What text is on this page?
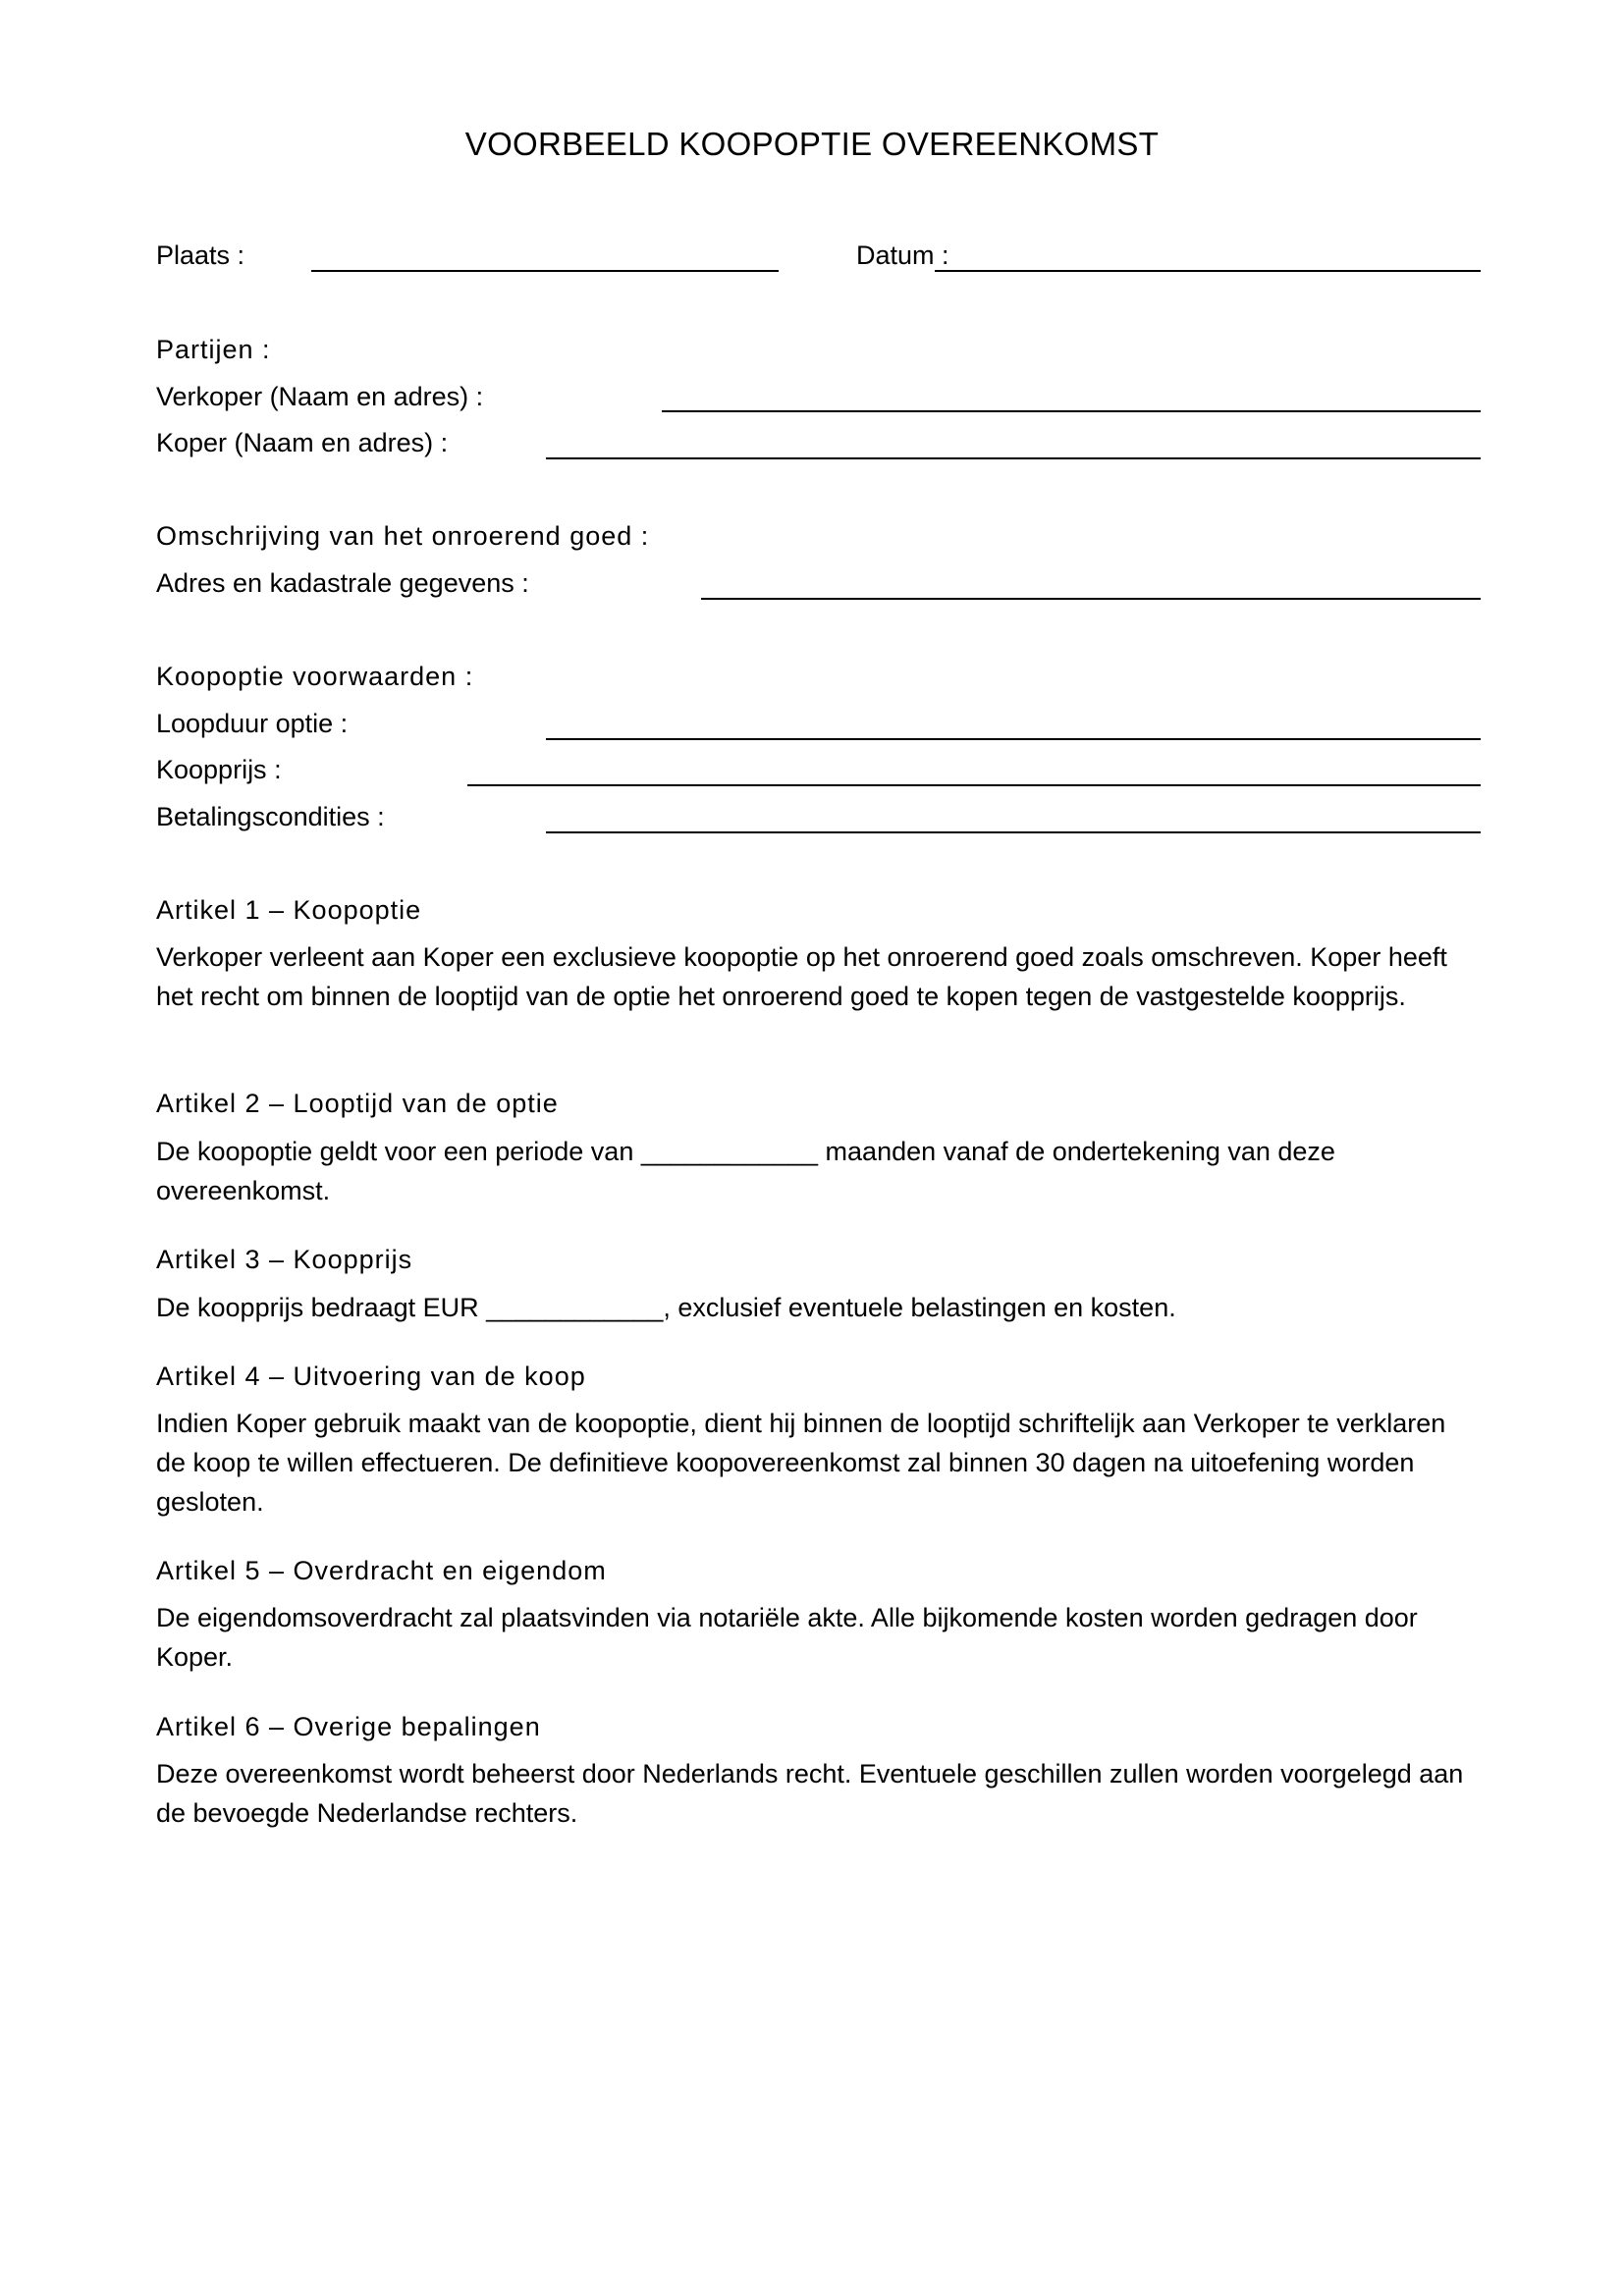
VOORBEELD KOOPOPTIE OVEREENKOMST
Plaats :	Datum :
Partijen :
Verkoper (Naam en adres) :
Koper (Naam en adres) :
Omschrijving van het onroerend goed :
Adres en kadastrale gegevens :
Koopoptie voorwaarden :
Loopduur optie :
Koopprijs :
Betalingscondities :
Artikel 1 – Koopoptie

Verkoper verleent aan Koper een exclusieve koopoptie op het onroerend goed zoals omschreven. Koper heeft het recht om binnen de looptijd van de optie het onroerend goed te kopen tegen de vastgestelde koopprijs.

Artikel 2 – Looptijd van de optie

De koopoptie geldt voor een periode van ____________ maanden vanaf de ondertekening van deze overeenkomst.

Artikel 3 – Koopprijs

De koopprijs bedraagt EUR ____________, exclusief eventuele belastingen en kosten.

Artikel 4 – Uitvoering van de koop

Indien Koper gebruik maakt van de koopoptie, dient hij binnen de looptijd schriftelijk aan Verkoper te verklaren de koop te willen effectueren. De definitieve koopovereenkomst zal binnen 30 dagen na uitoefening worden gesloten.

Artikel 5 – Overdracht en eigendom

De eigendomsoverdracht zal plaatsvinden via notariële akte. Alle bijkomende kosten worden gedragen door Koper.

Artikel 6 – Overige bepalingen

Deze overeenkomst wordt beheerst door Nederlands recht. Eventuele geschillen zullen worden voorgelegd aan de bevoegde Nederlandse rechters.
